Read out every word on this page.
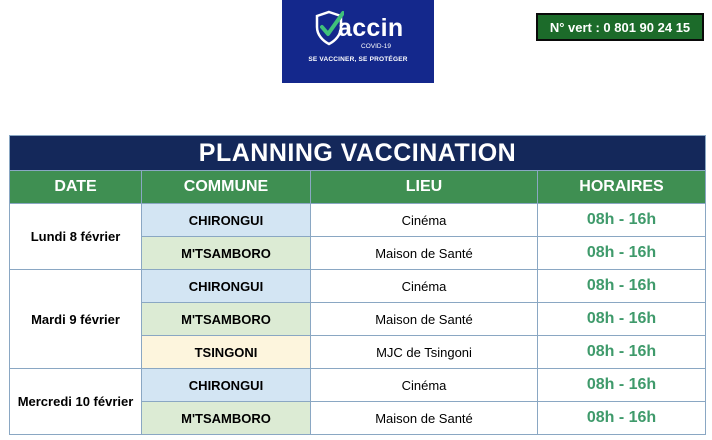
accin
COVID-19
SE VACCINER, SE PROTÉGER
N° vert : 0 801 90 24 15
PLANNING VACCINATION			
DATE	COMMUNE	LIEU	HORAIRES
Lundi 8 février	CHIRONGUI	Cinéma	08h - 16h
	M'TSAMBORO	Maison de Santé	08h - 16h
Mardi 9 février	CHIRONGUI	Cinéma	08h - 16h
	M'TSAMBORO	Maison de Santé	08h - 16h
	TSINGONI	MJC de Tsingoni	08h - 16h
Mercredi 10 février	CHIRONGUI	Cinéma	08h - 16h
	M'TSAMBORO	Maison de Santé	08h - 16h
